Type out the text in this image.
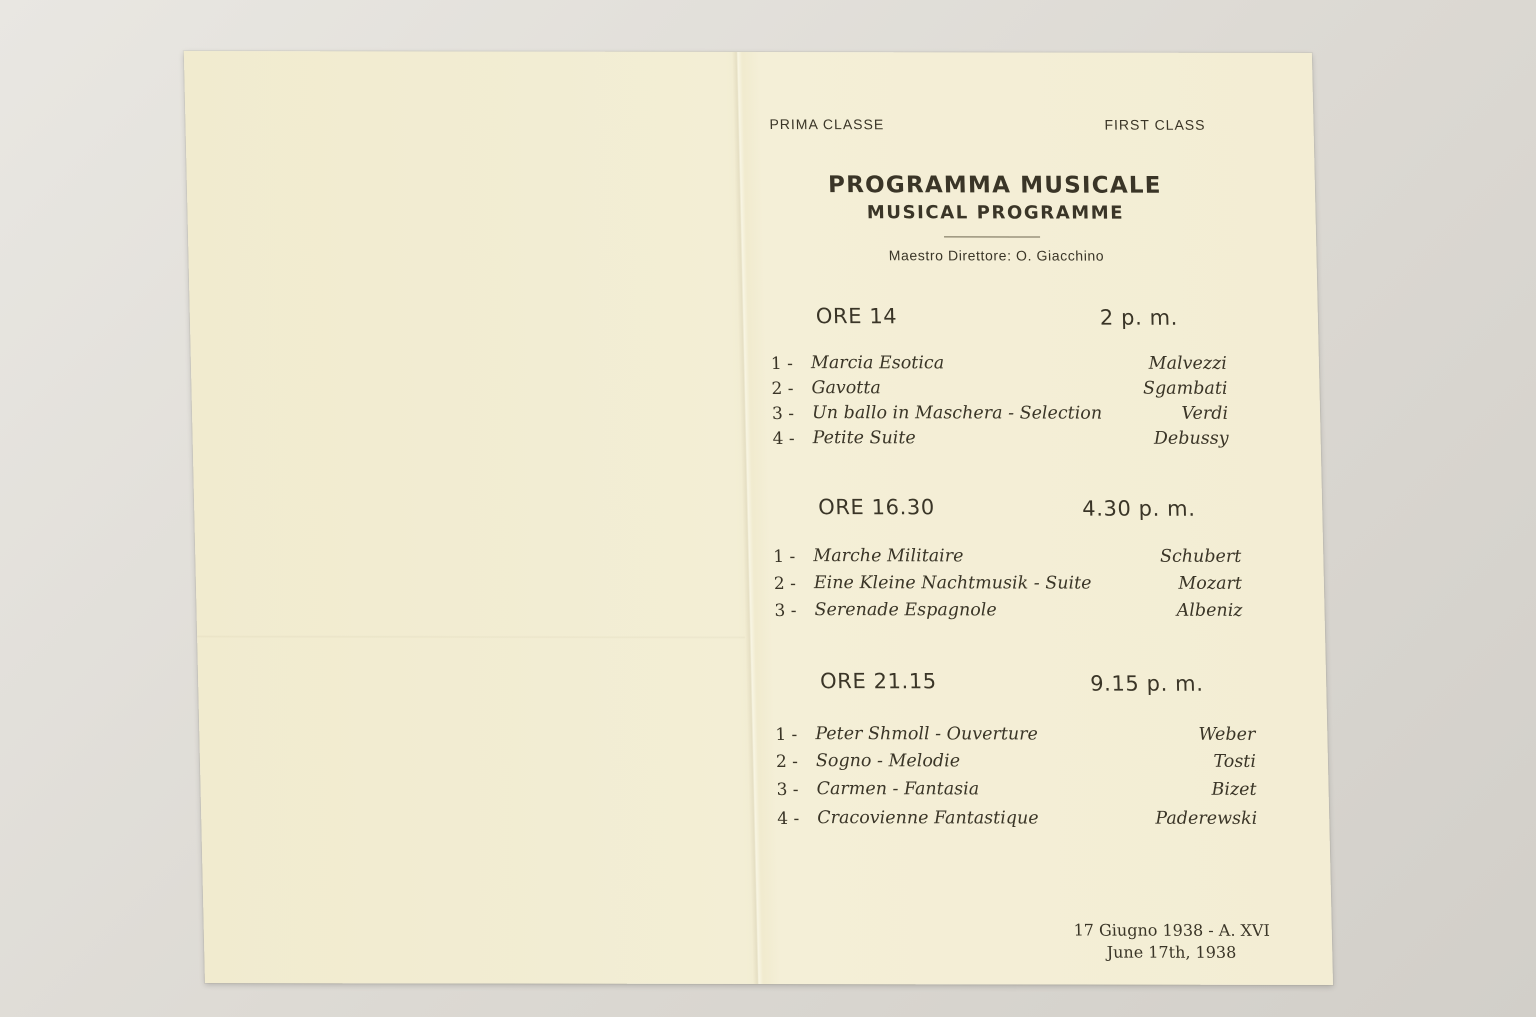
PRIMA CLASSE	FIRST CLASS
PROGRAMMA MUSICALE
MUSICAL PROGRAMME
Maestro Direttore: O. Giacchino
ORE 14	2 p. m.
1 - Marcia Esotica	Malvezzi
2 - Gavotta	Sgambati
3 - Un ballo in Maschera - Selection	Verdi
4 - Petite Suite	Debussy
ORE 16.30	4.30 p. m.
1 - Marche Militaire	Schubert
2 - Eine Kleine Nachtmusik - Suite	Mozart
3 - Serenade Espagnole	Albeniz
ORE 21.15	9.15 p. m.
1 - Peter Shmoll - Ouverture	Weber
2 - Sogno - Melodie	Tosti
3 - Carmen - Fantasia	Bizet
4 - Cracovienne Fantastique	Paderewski
17 Giugno 1938 - A. XVI
June 17th, 1938
